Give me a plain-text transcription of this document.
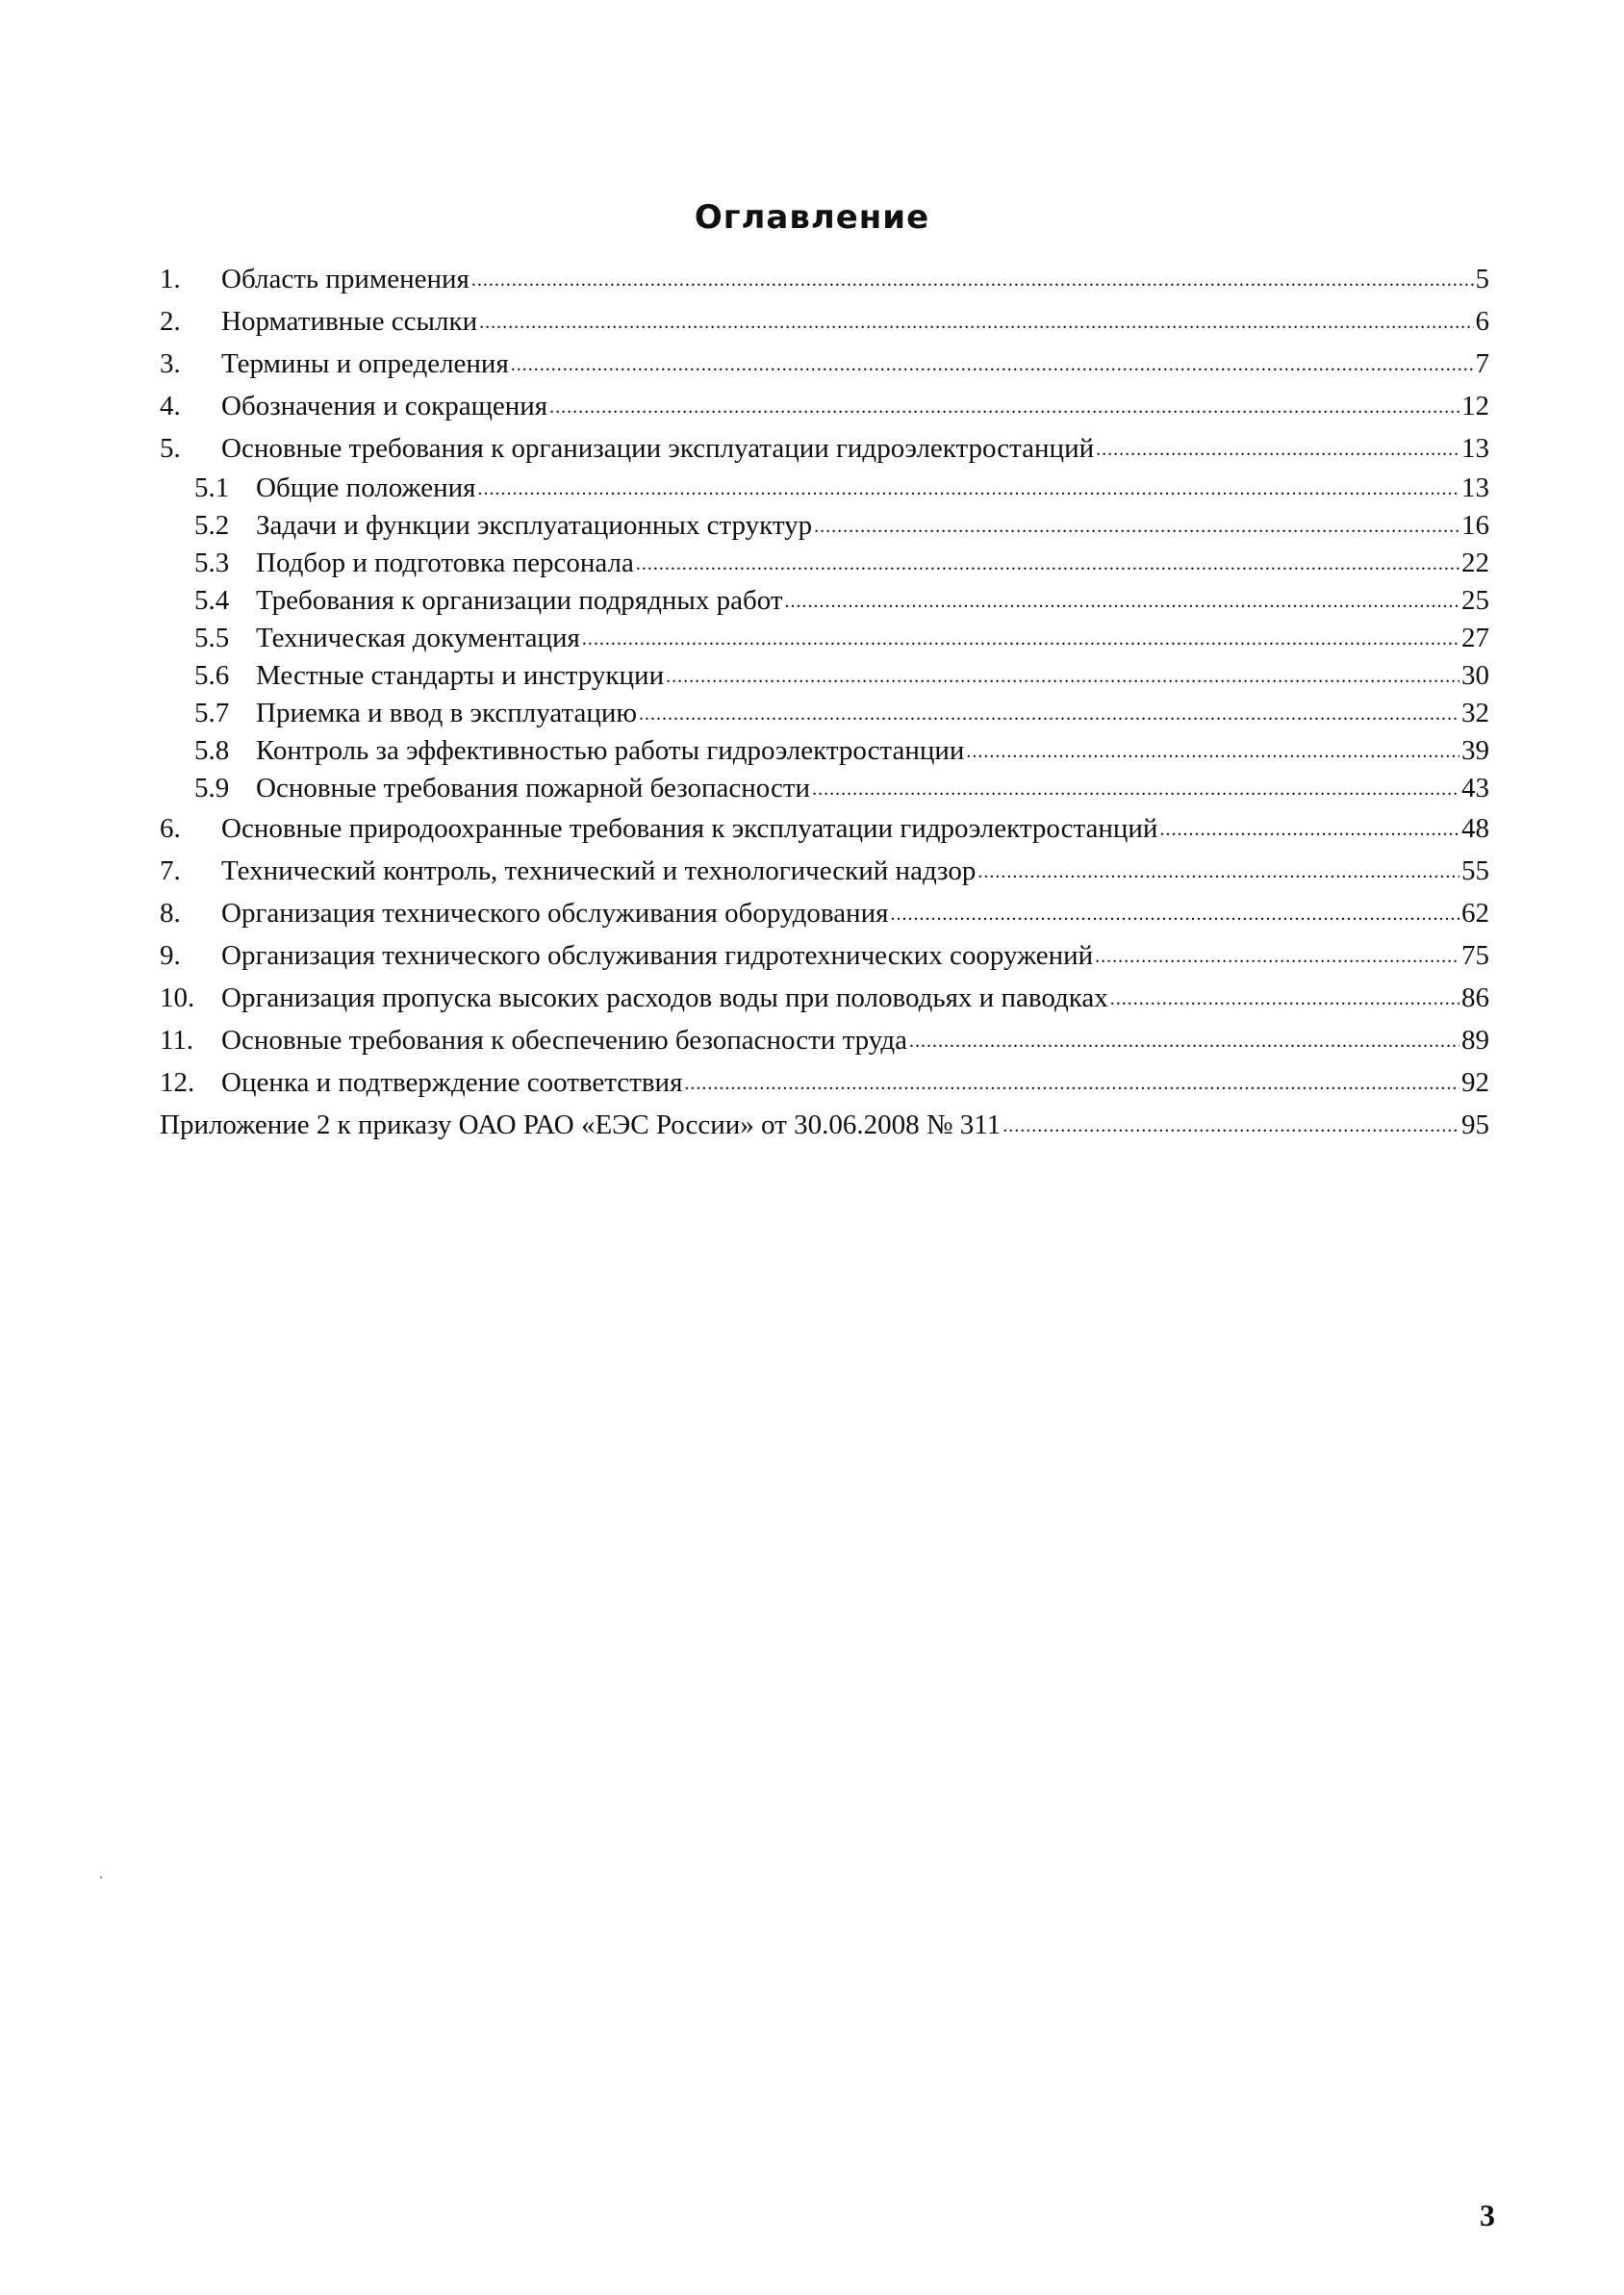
Оглавление
1.	Область применения .....	5
2.	Нормативные ссылки .....	6
3.	Термины и определения .....	7
4.	Обозначения и сокращения .....	12
5.	Основные требования к организации эксплуатации гидроэлектростанций .....	13
5.1 Общие положения .....	13
5.2 Задачи и функции эксплуатационных структур .....	16
5.3 Подбор и подготовка персонала .....	22
5.4 Требования к организации подрядных работ .....	25
5.5 Техническая документация .....	27
5.6 Местные стандарты и инструкции .....	30
5.7 Приемка и ввод в эксплуатацию .....	32
5.8 Контроль за эффективностью работы гидроэлектростанции .....	39
5.9 Основные требования пожарной безопасности .....	43
6.	Основные природоохранные требования к эксплуатации гидроэлектростанций .....	48
7.	Технический контроль, технический и технологический надзор .....	55
8.	Организация технического обслуживания оборудования .....	62
9.	Организация технического обслуживания гидротехнических сооружений .....	75
10. Организация пропуска высоких расходов воды при половодьях и паводках .....	86
11. Основные требования к обеспечению безопасности труда .....	89
12. Оценка и подтверждение соответствия .....	92
Приложение 2 к приказу ОАО РАО «ЕЭС России» от 30.06.2008 № 311 .....	95
3
